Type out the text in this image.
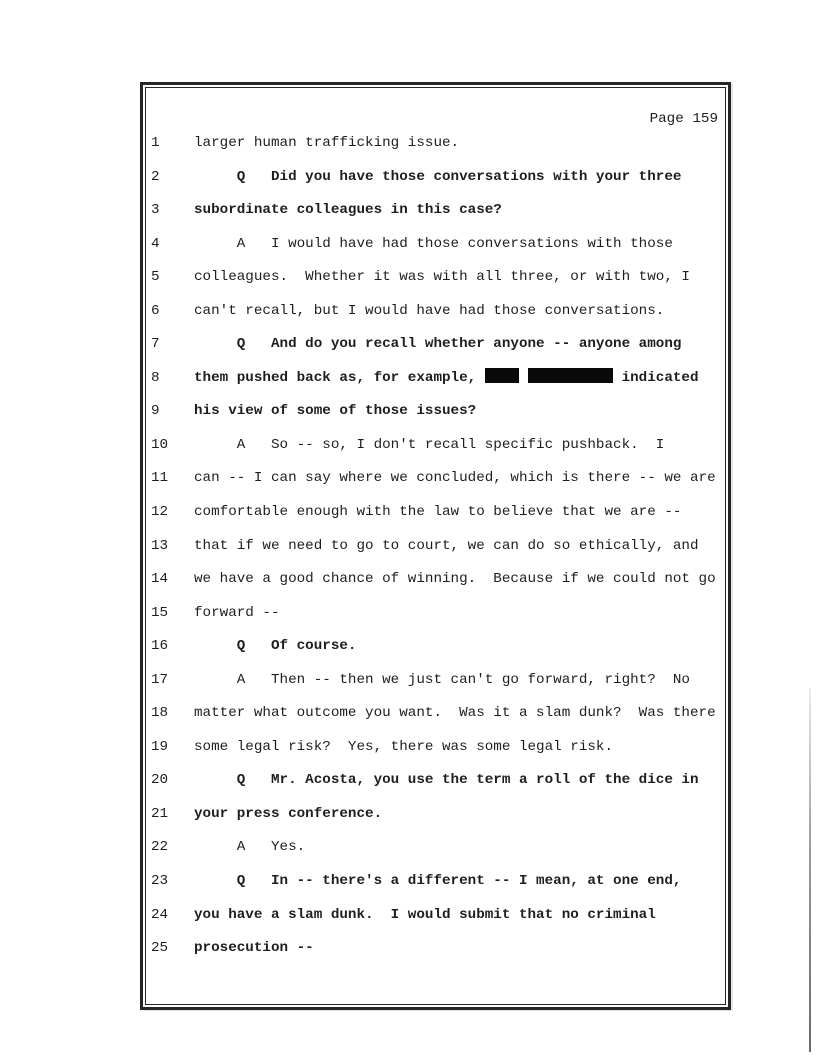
Page 159
1	larger human trafficking issue.
2	Q   Did you have those conversations with your three
3	subordinate colleagues in this case?
4	A   I would have had those conversations with those
5	colleagues.  Whether it was with all three, or with two, I
6	can't recall, but I would have had those conversations.
7	Q   And do you recall whether anyone -- anyone among
8	them pushed back as, for example,	indicated
9	his view of some of those issues?
10	A   So -- so, I don't recall specific pushback.  I
11	can -- I can say where we concluded, which is there -- we are
12	comfortable enough with the law to believe that we are --
13	that if we need to go to court, we can do so ethically, and
14	we have a good chance of winning.  Because if we could not go
15	forward --
16	Q   Of course.
17	A   Then -- then we just can't go forward, right?  No
18	matter what outcome you want.  Was it a slam dunk?  Was there
19	some legal risk?  Yes, there was some legal risk.
20	Q   Mr. Acosta, you use the term a roll of the dice in
21	your press conference.
22	A   Yes.
23	Q   In -- there's a different -- I mean, at one end,
24	you have a slam dunk.  I would submit that no criminal
25	prosecution --
